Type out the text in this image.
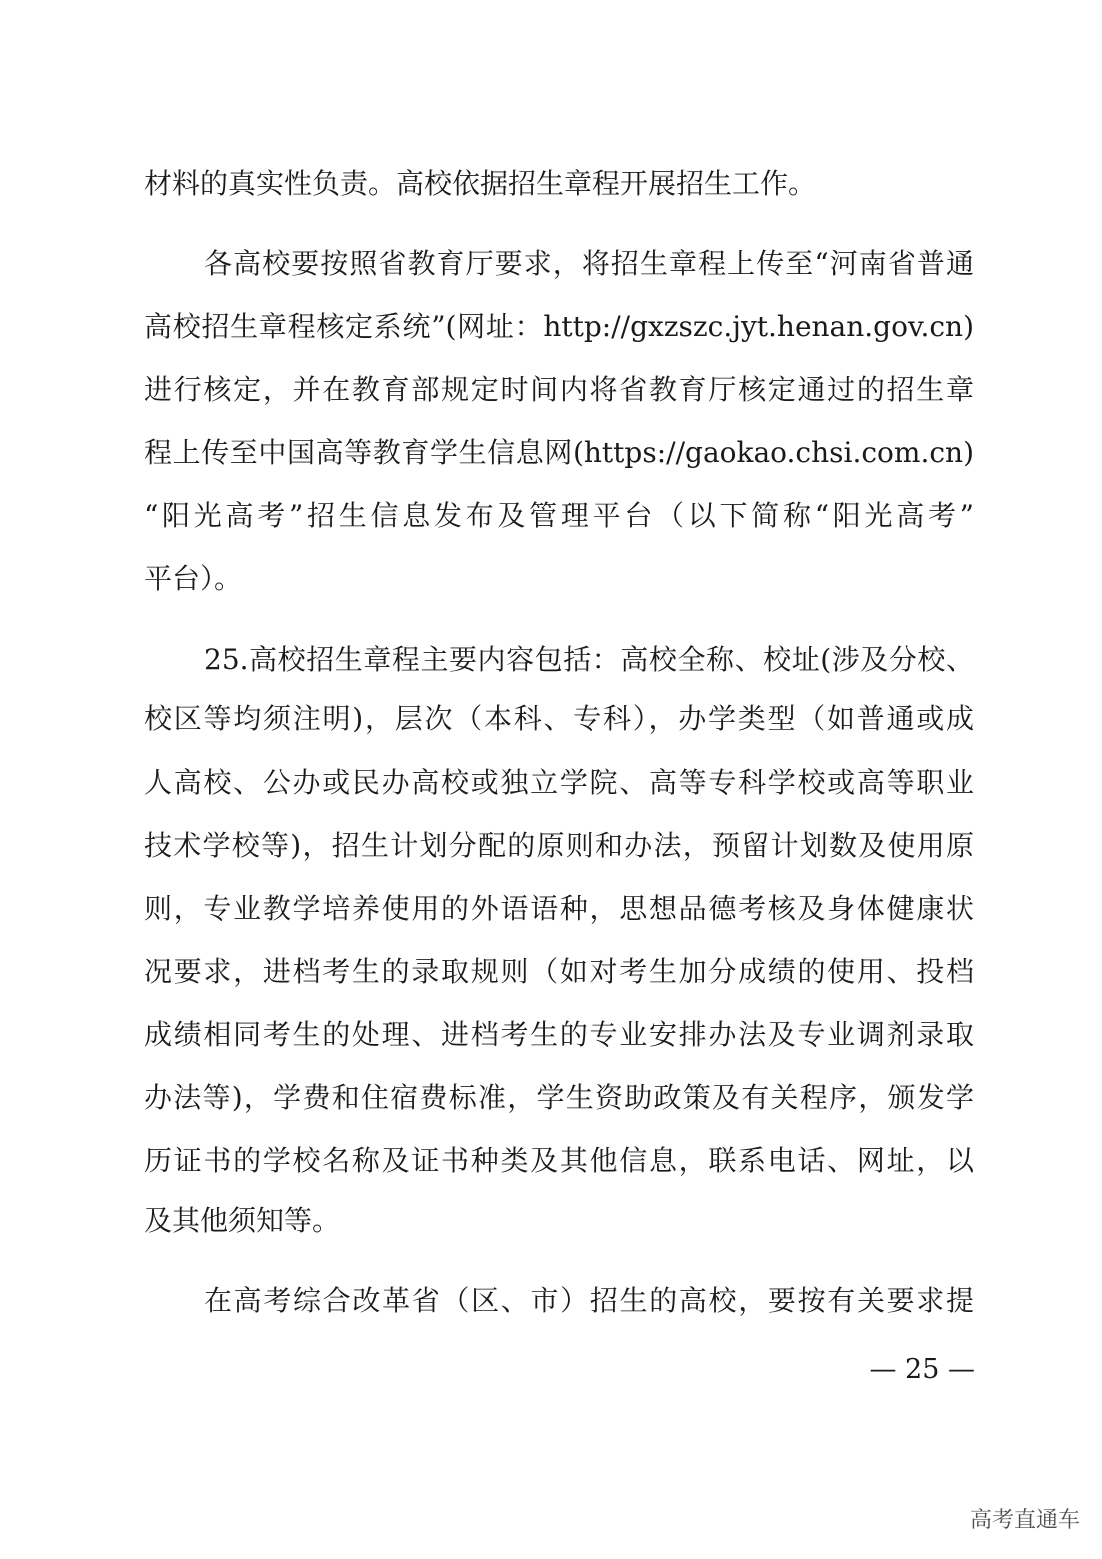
材料的真实性负责。高校依据招生章程开展招生工作。
各高校要按照省教育厅要求，将招生章程上传至“河南省普通
高校招生章程核定系统”(网址：http://gxzszc.jyt.henan.gov.cn)
进行核定，并在教育部规定时间内将省教育厅核定通过的招生章
程上传至中国高等教育学生信息网(https://gaokao.chsi.com.cn)
“阳光高考”招生信息发布及管理平台（以下简称“阳光高考”
平台）。
25.高校招生章程主要内容包括：高校全称、校址(涉及分校、
校区等均须注明)，层次（本科、专科），办学类型（如普通或成
人高校、公办或民办高校或独立学院、高等专科学校或高等职业
技术学校等)，招生计划分配的原则和办法，预留计划数及使用原
则，专业教学培养使用的外语语种，思想品德考核及身体健康状
况要求，进档考生的录取规则（如对考生加分成绩的使用、投档
成绩相同考生的处理、进档考生的专业安排办法及专业调剂录取
办法等)，学费和住宿费标准，学生资助政策及有关程序，颁发学
历证书的学校名称及证书种类及其他信息，联系电话、网址，以
及其他须知等。
在高考综合改革省（区、市）招生的高校，要按有关要求提
— 25 —
高考直通车
